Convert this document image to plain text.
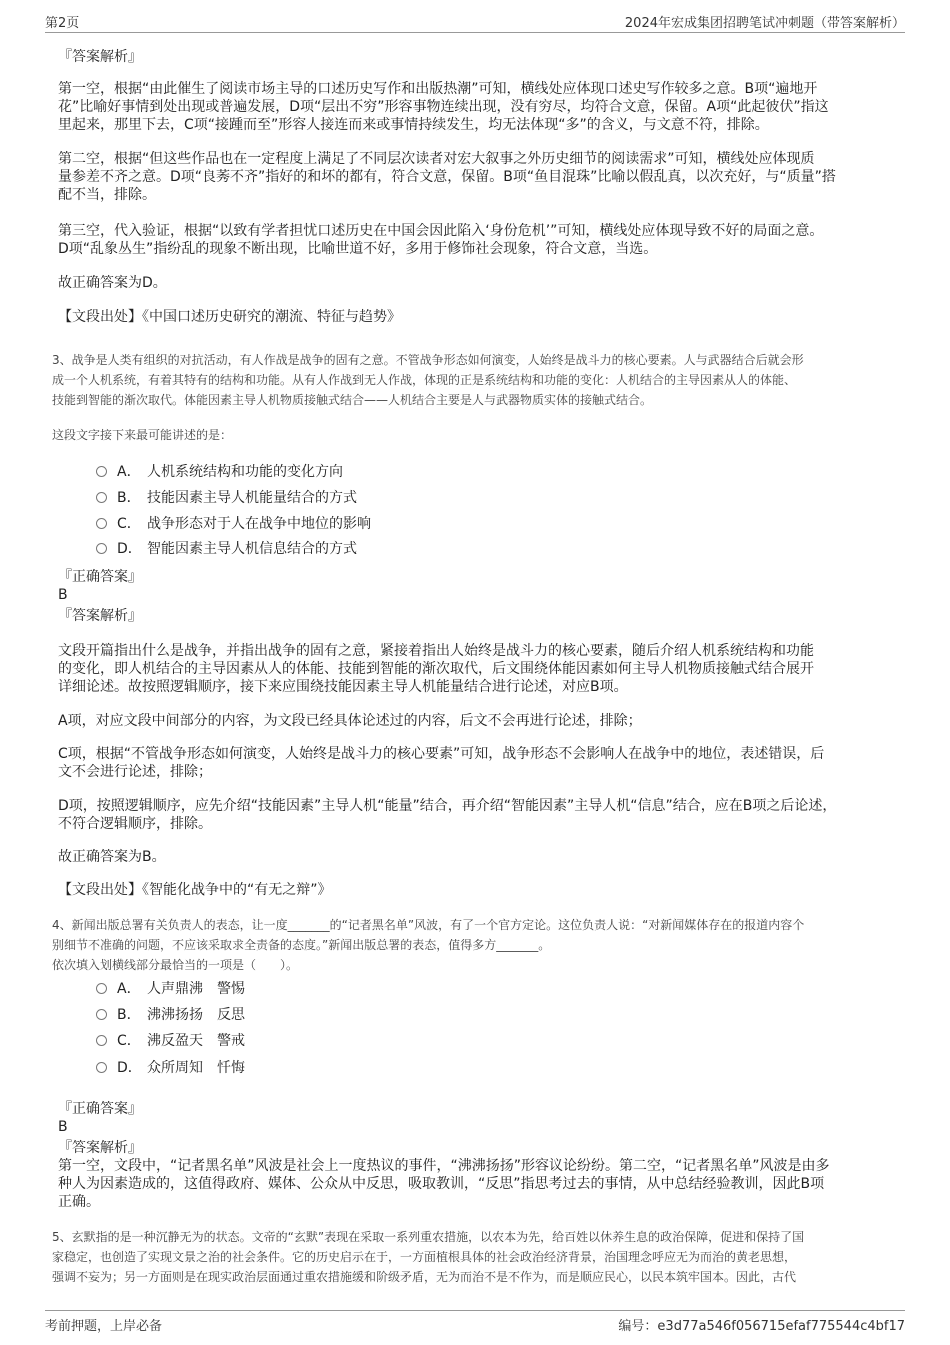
第2页	2024年宏成集团招聘笔试冲刺题（带答案解析）
『答案解析』
第一空，根据“由此催生了阅读市场主导的口述历史写作和出版热潮”可知，横线处应体现口述史写作较多之意。B项“遍地开
花”比喻好事情到处出现或普遍发展，D项“层出不穷”形容事物连续出现，没有穷尽，均符合文意，保留。A项“此起彼伏”指这
里起来，那里下去，C项“接踵而至”形容人接连而来或事情持续发生，均无法体现“多”的含义，与文意不符，排除。
第二空，根据“但这些作品也在一定程度上满足了不同层次读者对宏大叙事之外历史细节的阅读需求”可知，横线处应体现质
量参差不齐之意。D项“良莠不齐”指好的和坏的都有，符合文意，保留。B项“鱼目混珠”比喻以假乱真，以次充好，与“质量”搭
配不当，排除。
第三空，代入验证，根据“以致有学者担忧口述历史在中国会因此陷入‘身份危机’”可知，横线处应体现导致不好的局面之意。
D项“乱象丛生”指纷乱的现象不断出现，比喻世道不好，多用于修饰社会现象，符合文意，当选。
故正确答案为D。
【文段出处】《中国口述历史研究的潮流、特征与趋势》
3、战争是人类有组织的对抗活动，有人作战是战争的固有之意。不管战争形态如何演变，人始终是战斗力的核心要素。人与武器结合后就会形
成一个人机系统，有着其特有的结构和功能。从有人作战到无人作战，体现的正是系统结构和功能的变化：人机结合的主导因素从人的体能、
技能到智能的渐次取代。体能因素主导人机物质接触式结合——人机结合主要是人与武器物质实体的接触式结合。
这段文字接下来最可能讲述的是：
A． 人机系统结构和功能的变化方向
B． 技能因素主导人机能量结合的方式
C． 战争形态对于人在战争中地位的影响
D． 智能因素主导人机信息结合的方式
『正确答案』
B
『答案解析』
文段开篇指出什么是战争，并指出战争的固有之意，紧接着指出人始终是战斗力的核心要素，随后介绍人机系统结构和功能
的变化，即人机结合的主导因素从人的体能、技能到智能的渐次取代，后文围绕体能因素如何主导人机物质接触式结合展开
详细论述。故按照逻辑顺序，接下来应围绕技能因素主导人机能量结合进行论述，对应B项。
A项，对应文段中间部分的内容，为文段已经具体论述过的内容，后文不会再进行论述，排除；
C项，根据“不管战争形态如何演变，人始终是战斗力的核心要素”可知，战争形态不会影响人在战争中的地位，表述错误，后
文不会进行论述，排除；
D项，按照逻辑顺序，应先介绍“技能因素”主导人机“能量”结合，再介绍“智能因素”主导人机“信息”结合，应在B项之后论述，
不符合逻辑顺序，排除。
故正确答案为B。
【文段出处】《智能化战争中的“有无之辩”》
4、新闻出版总署有关负责人的表态，让一度_______的“记者黑名单”风波，有了一个官方定论。这位负责人说：“对新闻媒体存在的报道内容个
别细节不准确的问题，不应该采取求全责备的态度。”新闻出版总署的表态，值得多方_______。
依次填入划横线部分最恰当的一项是（　　）。
A． 人声鼎沸　警惕
B． 沸沸扬扬　反思
C． 沸反盈天　警戒
D． 众所周知　忏悔
『正确答案』
B
『答案解析』
第一空，文段中，“记者黑名单”风波是社会上一度热议的事件，“沸沸扬扬”形容议论纷纷。第二空，“记者黑名单”风波是由多
种人为因素造成的，这值得政府、媒体、公众从中反思，吸取教训，“反思”指思考过去的事情，从中总结经验教训，因此B项
正确。
5、玄默指的是一种沉静无为的状态。文帝的“玄默”表现在采取一系列重农措施，以农本为先，给百姓以休养生息的政治保障，促进和保持了国
家稳定，也创造了实现文景之治的社会条件。它的历史启示在于，一方面植根具体的社会政治经济背景，治国理念呼应无为而治的黄老思想，
强调不妄为；另一方面则是在现实政治层面通过重农措施缓和阶级矛盾，无为而治不是不作为，而是顺应民心，以民本筑牢国本。因此，古代
考前押题，上岸必备	编号：e3d77a546f056715efaf775544c4bf17
